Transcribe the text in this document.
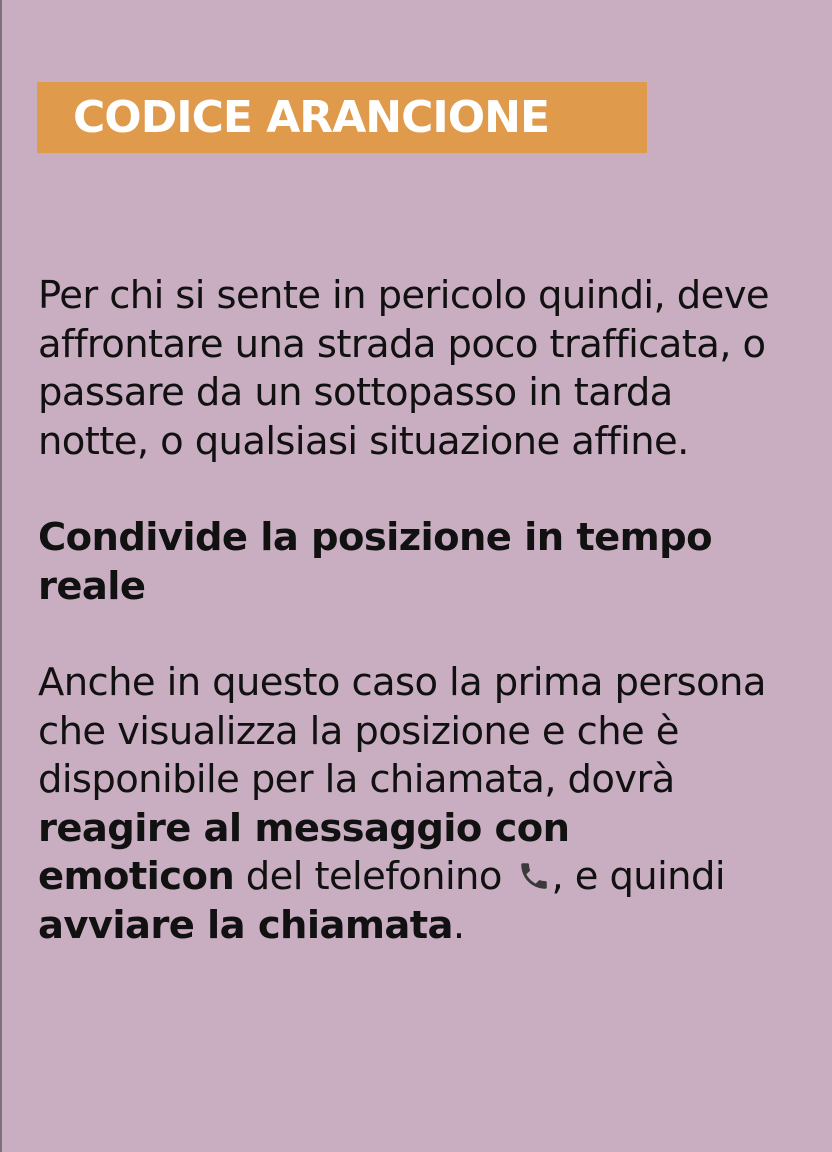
CODICE ARANCIONE

Per chi si sente in pericolo quindi, deve affrontare una strada poco trafficata, o passare da un sottopasso in tarda notte, o qualsiasi situazione affine.

Condivide la posizione in tempo reale

Anche in questo caso la prima persona che visualizza la posizione e che è disponibile per la chiamata, dovrà reagire al messaggio con emoticon del telefonino , e quindi avviare la chiamata.
